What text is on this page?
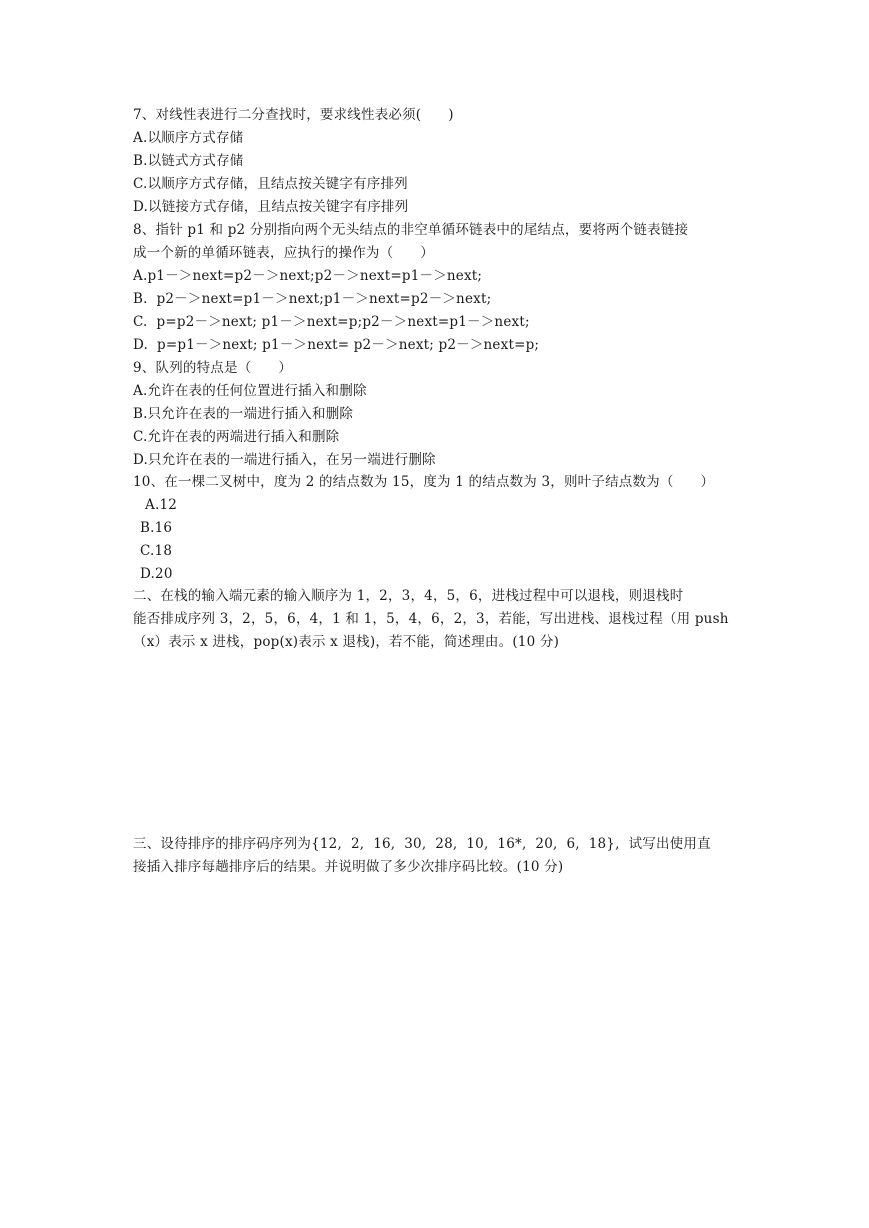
7、对线性表进行二分查找时，要求线性表必须(      )
A.以顺序方式存储
B.以链式方式存储
C.以顺序方式存储，且结点按关键字有序排列
D.以链接方式存储，且结点按关键字有序排列
8、指针 p1 和 p2 分别指向两个无头结点的非空单循环链表中的尾结点，要将两个链表链接
成一个新的单循环链表，应执行的操作为（      ）
A.p1－＞next=p2－＞next;p2－＞next=p1－＞next;
B.  p2－＞next=p1－＞next;p1－＞next=p2－＞next;
C.  p=p2－＞next; p1－＞next=p;p2－＞next=p1－＞next;
D.  p=p1－＞next; p1－＞next= p2－＞next; p2－＞next=p;
9、队列的特点是（      ）
A.允许在表的任何位置进行插入和删除
B.只允许在表的一端进行插入和删除
C.允许在表的两端进行插入和删除
D.只允许在表的一端进行插入，在另一端进行删除
10、在一棵二叉树中，度为 2 的结点数为 15，度为 1 的结点数为 3，则叶子结点数为（      ）
A.12
B.16
C.18
D.20
二、在栈的输入端元素的输入顺序为 1，2，3，4，5，6，进栈过程中可以退栈，则退栈时
能否排成序列 3，2，5，6，4，1 和 1，5，4，6，2，3，若能，写出进栈、退栈过程（用 push
（x）表示 x 进栈，pop(x)表示 x 退栈)，若不能，简述理由。(10 分)
三、设待排序的排序码序列为{12,  2,  16,  30,  28,  10,  16*,  20,  6,  18},  试写出使用直
接插入排序每趟排序后的结果。并说明做了多少次排序码比较。(10 分)
